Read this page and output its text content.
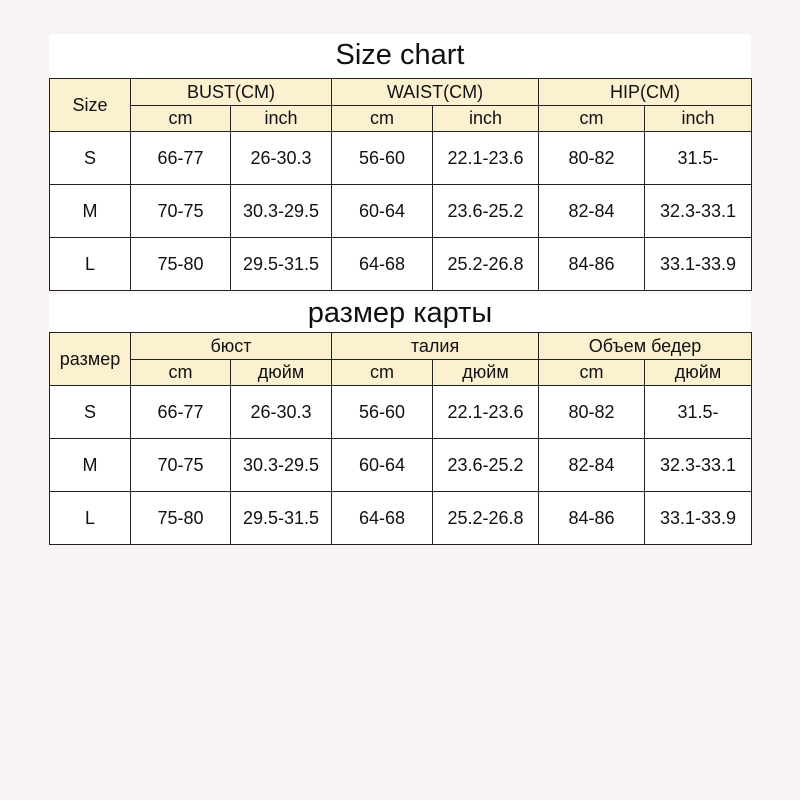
Size chart
Size	BUST(CM)		WAIST(CM)		HIP(CM)	
	cm	inch	cm	inch	cm	inch
S	66-77	26-30.3	56-60	22.1-23.6	80-82	31.5-
M	70-75	30.3-29.5	60-64	23.6-25.2	82-84	32.3-33.1
L	75-80	29.5-31.5	64-68	25.2-26.8	84-86	33.1-33.9
размер карты
размер	бюст		талия		Объем бедер	
	cm	дюйм	cm	дюйм	cm	дюйм
S	66-77	26-30.3	56-60	22.1-23.6	80-82	31.5-
M	70-75	30.3-29.5	60-64	23.6-25.2	82-84	32.3-33.1
L	75-80	29.5-31.5	64-68	25.2-26.8	84-86	33.1-33.9
